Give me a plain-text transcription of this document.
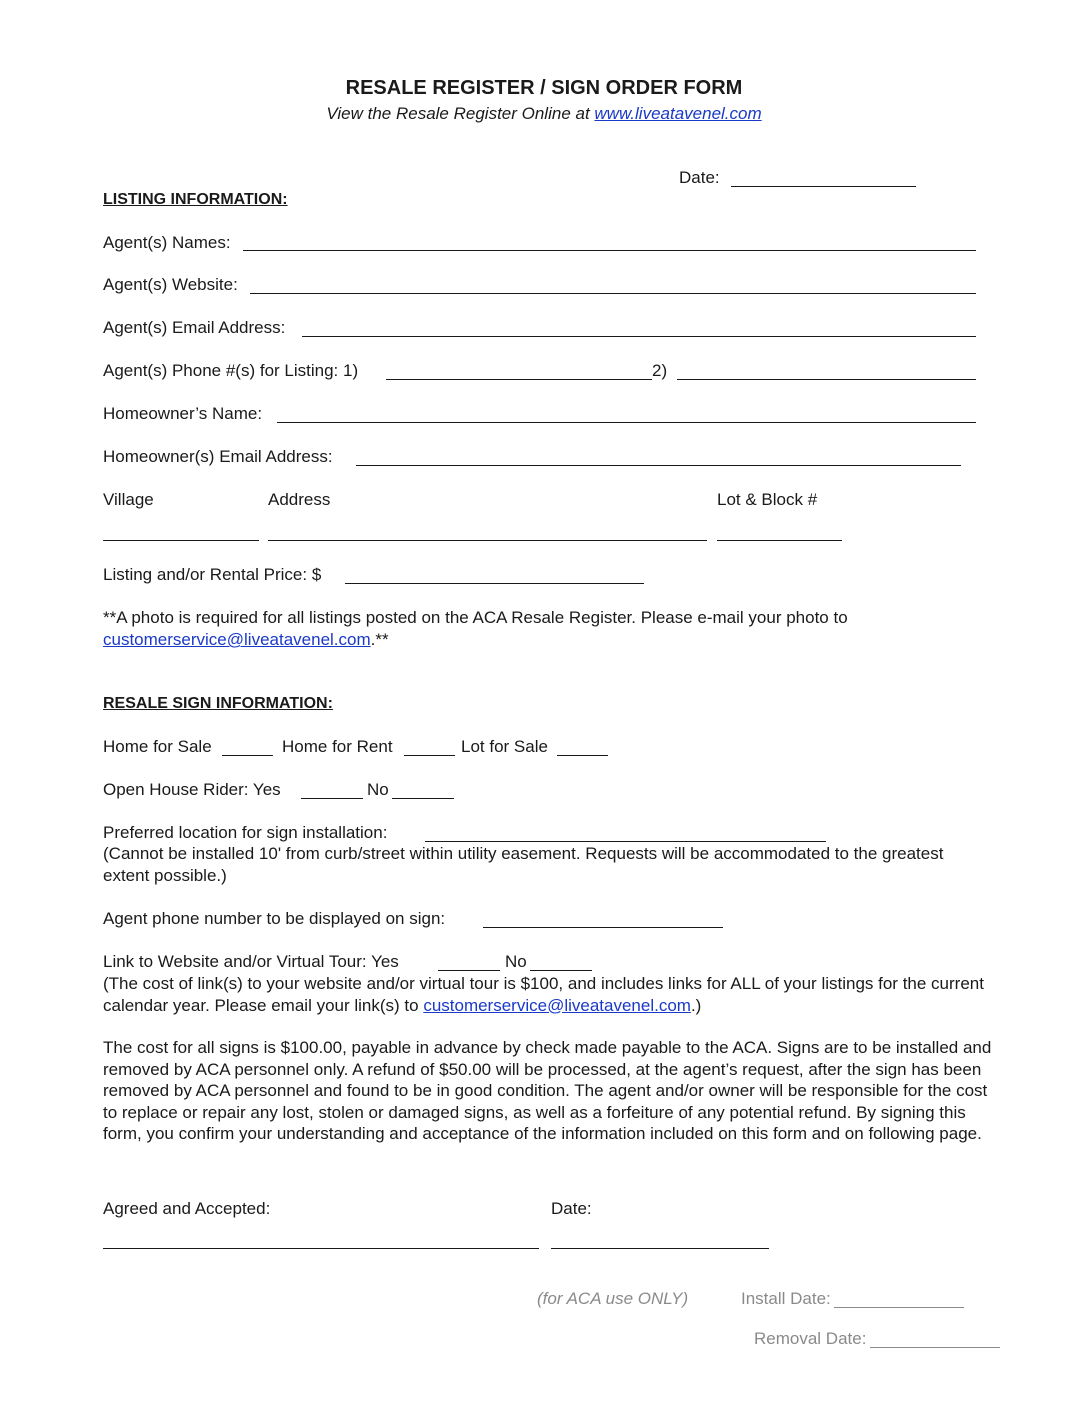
RESALE REGISTER / SIGN ORDER FORM
View the Resale Register Online at www.liveatavenel.com
Date:
LISTING INFORMATION:
Agent(s) Names:
Agent(s) Website:
Agent(s) Email Address:
Agent(s) Phone #(s) for Listing: 1)	2)
Homeowner’s Name:
Homeowner(s) Email Address:
Village	Address	Lot & Block #
Listing and/or Rental Price: $
**A photo is required for all listings posted on the ACA Resale Register. Please e-mail your photo to
customerservice@liveatavenel.com.**
RESALE SIGN INFORMATION:
Home for Sale	Home for Rent	Lot for Sale
Open House Rider: Yes	No
Preferred location for sign installation:
(Cannot be installed 10' from curb/street within utility easement. Requests will be accommodated to the greatest extent possible.)
Agent phone number to be displayed on sign:
Link to Website and/or Virtual Tour: Yes	No
(The cost of link(s) to your website and/or virtual tour is $100, and includes links for ALL of your listings for the current calendar year. Please email your link(s) to customerservice@liveatavenel.com.)
The cost for all signs is $100.00, payable in advance by check made payable to the ACA. Signs are to be installed and removed by ACA personnel only. A refund of $50.00 will be processed, at the agent’s request, after the sign has been removed by ACA personnel and found to be in good condition. The agent and/or owner will be responsible for the cost to replace or repair any lost, stolen or damaged signs, as well as a forfeiture of any potential refund. By signing this form, you confirm your understanding and acceptance of the information included on this form and on following page.
Agreed and Accepted:	Date:
(for ACA use ONLY)	Install Date:
Removal Date:
